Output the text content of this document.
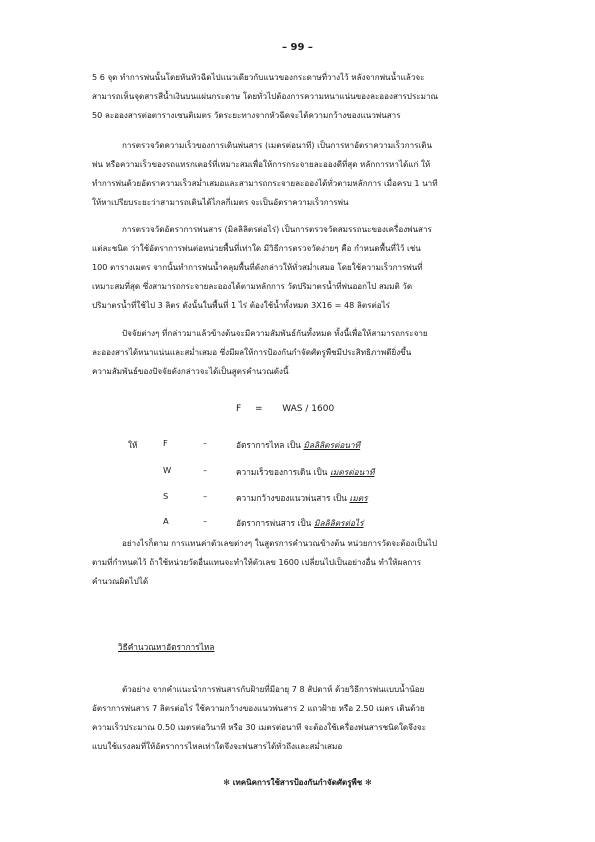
– 99 –
5 6 จุด ทำการพ่นนั้นโดยหันหัวฉีดไปแนวเดียวกับแนวของกระดาษที่วางไว้ หลังจากพ่นน้ำแล้วจะ
สามารถเห็นจุดสารสีน้ำเงินบนแผ่นกระดาษ โดยทั่วไปต้องการความหนาแน่นของละอองสารประมาณ
50 ละอองสารต่อตารางเซนติเมตร วัดระยะทางจากหัวฉีดจะได้ความกว้างของแนวพ่นสาร
การตรวจวัดความเร็วของการเดินพ่นสาร (เมตรต่อนาที) เป็นการหาอัตราความเร็วการเดิน
พ่น หรือความเร็วของรถแทรกเตอร์ที่เหมาะสมเพื่อให้การกระจายละอองดีที่สุด หลักการหาได้แก่ ให้
ทำการพ่นด้วยอัตราความเร็วสม่ำเสมอและสามารถกระจายละอองได้ทั่วตามหลักการ เมื่อครบ 1 นาที
ให้หาเปรียบระยะว่าสามารถเดินได้ไกลกี่เมตร จะเป็นอัตราความเร็วการพ่น
การตรวจวัดอัตราการพ่นสาร (มิลลิลิตรต่อไร่) เป็นการตรวจวัดสมรรถนะของเครื่องพ่นสาร
แต่ละชนิด ว่าใช้อัตราการพ่นต่อหน่วยพื้นที่เท่าใด มีวิธีการตรวจวัดง่ายๆ คือ กำหนดพื้นที่ไว้ เช่น
100 ตารางเมตร จากนั้นทำการพ่นน้ำคลุมพื้นที่ดังกล่าวให้ทั่วสม่ำเสมอ โดยใช้ความเร็วการพ่นที่
เหมาะสมที่สุด ซึ่งสามารถกระจายละอองได้ตามหลักการ วัดปริมาตรน้ำที่พ่นออกไป สมมติ วัด
ปริมาตรน้ำที่ใช้ไป 3 ลิตร ดังนั้นในพื้นที่ 1 ไร่ ต้องใช้น้ำทั้งหมด 3X16 = 48 ลิตรต่อไร่
ปัจจัยต่างๆ ที่กล่าวมาแล้วข้างต้นจะมีความสัมพันธ์กันทั้งหมด ทั้งนี้เพื่อให้สามารถกระจาย
ละอองสารได้หนาแน่นและสม่ำเสมอ ซึ่งมีผลให้การป้องกันกำจัดศัตรูพืชมีประสิทธิภาพดียิ่งขึ้น
ความสัมพันธ์ของปัจจัยดังกล่าวจะได้เป็นสูตรคำนวณดังนี้
F = WAS / 1600
ให้	F	–	อัตราการไหล เป็น มิลลิลิตรต่อนาที
W	–	ความเร็วของการเดิน เป็น เมตรต่อนาที
S	–	ความกว้างของแนวพ่นสาร เป็น เมตร
A	–	อัตราการพ่นสาร เป็น มิลลิลิตรต่อไร่
อย่างไรก็ตาม การแทนค่าตัวเลขต่างๆ ในสูตรการคำนวณข้างต้น หน่วยการวัดจะต้องเป็นไป
ตามที่กำหนดไว้ ถ้าใช้หน่วยวัดอื่นแทนจะทำให้ตัวเลข 1600 เปลี่ยนไปเป็นอย่างอื่น ทำให้ผลการ
คำนวณผิดไปได้
วิธีคำนวณหาอัตราการไหล
ตัวอย่าง จากคำแนะนำการพ่นสารกับฝ้ายที่มีอายุ 7 8 สัปดาห์ ด้วยวิธีการพ่นแบบน้ำน้อย
อัตราการพ่นสาร 7 ลิตรต่อไร่ ใช้ความกว้างของแนวพ่นสาร 2 แถวฝ้าย หรือ 2.50 เมตร เดินด้วย
ความเร็วประมาณ 0.50 เมตรต่อวินาที หรือ 30 เมตรต่อนาที จะต้องใช้เครื่องพ่นสารชนิดใดจึงจะ
แบบใช้แรงลมที่ให้อัตราการไหลเท่าใดจึงจะพ่นสารได้ทั่วถึงและสม่ำเสมอ
✻ เทคนิคการใช้สารป้องกันกำจัดศัตรูพืช ✻
